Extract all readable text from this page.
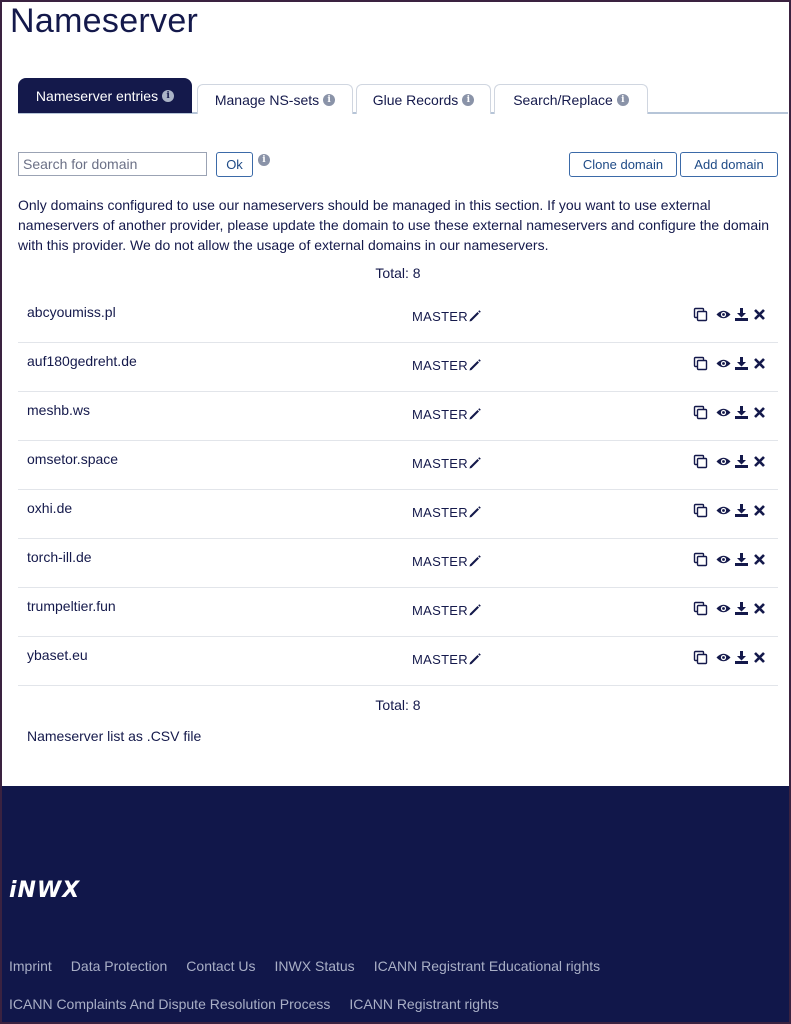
Nameserver
Nameserver entries i	Manage NS-sets i	Glue Records i	Search/Replace i
Search for domain
Ok	i	Clone domain	Add domain

Only domains configured to use our nameservers should be managed in this section. If you want to use external nameservers of another provider, please update the domain to use these external nameservers and configure the domain with this provider. We do not allow the usage of external domains in our nameservers.

Total: 8
abcyoumiss.pl	MASTER
auf180gedreht.de	MASTER
meshb.ws	MASTER
omsetor.space	MASTER
oxhi.de	MASTER
torch-ill.de	MASTER
trumpeltier.fun	MASTER
ybaset.eu	MASTER
Total: 8
Nameserver list as .CSV file
iNWX
Imprint Data Protection Contact Us INWX Status ICANN Registrant Educational rights
ICANN Complaints And Dispute Resolution Process ICANN Registrant rights
